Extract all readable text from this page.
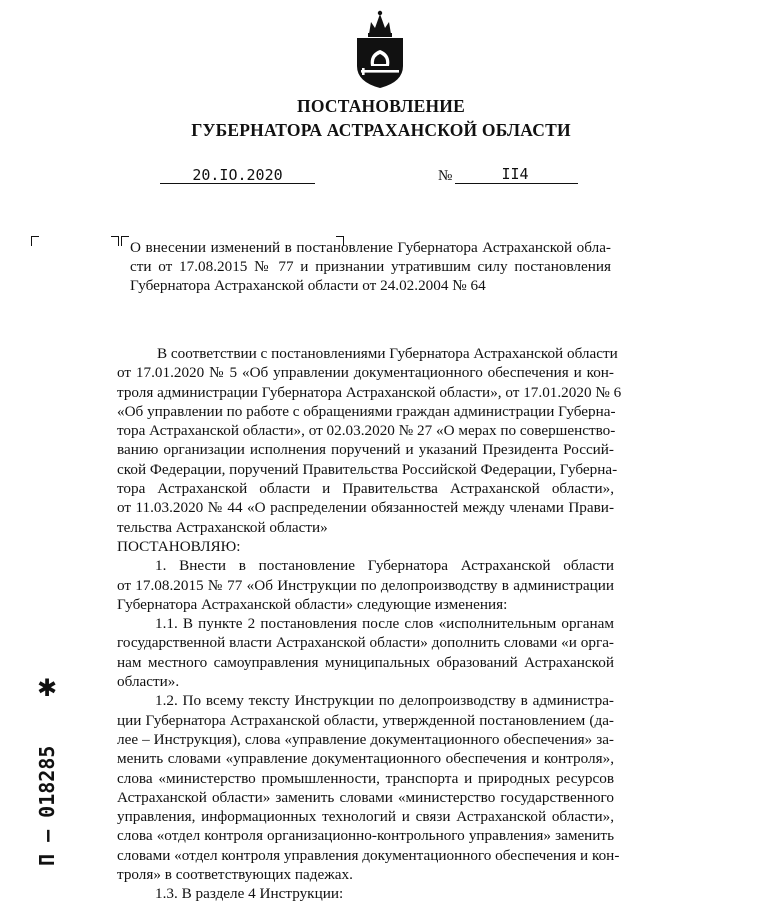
ПОСТАНОВЛЕНИЕ
ГУБЕРНАТОРА АСТРАХАНСКОЙ ОБЛАСТИ
20.IO.2020	№	II4
О внесении изменений в постановление Губернатора Астраханской обла-
сти от 17.08.2015 № 77 и признании утратившим силу постановления
Губернатора Астраханской области от 24.02.2004 № 64
В соответствии с постановлениями Губернатора Астраханской области
от 17.01.2020 № 5 «Об управлении документационного обеспечения и кон-
троля администрации Губернатора Астраханской области», от 17.01.2020 № 6
«Об управлении по работе с обращениями граждан администрации Губерна-
тора Астраханской области», от 02.03.2020 № 27 «О мерах по совершенство-
ванию организации исполнения поручений и указаний Президента Россий-
ской Федерации, поручений Правительства Российской Федерации, Губерна-
тора Астраханской области и Правительства Астраханской области»,
от 11.03.2020 № 44 «О распределении обязанностей между членами Прави-
тельства Астраханской области»
ПОСТАНОВЛЯЮ:
1. Внести в постановление Губернатора Астраханской области
от 17.08.2015 № 77 «Об Инструкции по делопроизводству в администрации
Губернатора Астраханской области» следующие изменения:
1.1. В пункте 2 постановления после слов «исполнительным органам
государственной власти Астраханской области» дополнить словами «и орга-
нам местного самоуправления муниципальных образований Астраханской
области».
1.2. По всему тексту Инструкции по делопроизводству в администра-
ции Губернатора Астраханской области, утвержденной постановлением (да-
лее – Инструкция), слова «управление документационного обеспечения» за-
менить словами «управление документационного обеспечения и контроля»,
слова «министерство промышленности, транспорта и природных ресурсов
Астраханской области» заменить словами «министерство государственного
управления, информационных технологий и связи Астраханской области»,
слова «отдел контроля организационно-контрольного управления» заменить
словами «отдел контроля управления документационного обеспечения и кон-
троля» в соответствующих падежах.
1.3. В разделе 4 Инструкции:
✱
П – 018285
